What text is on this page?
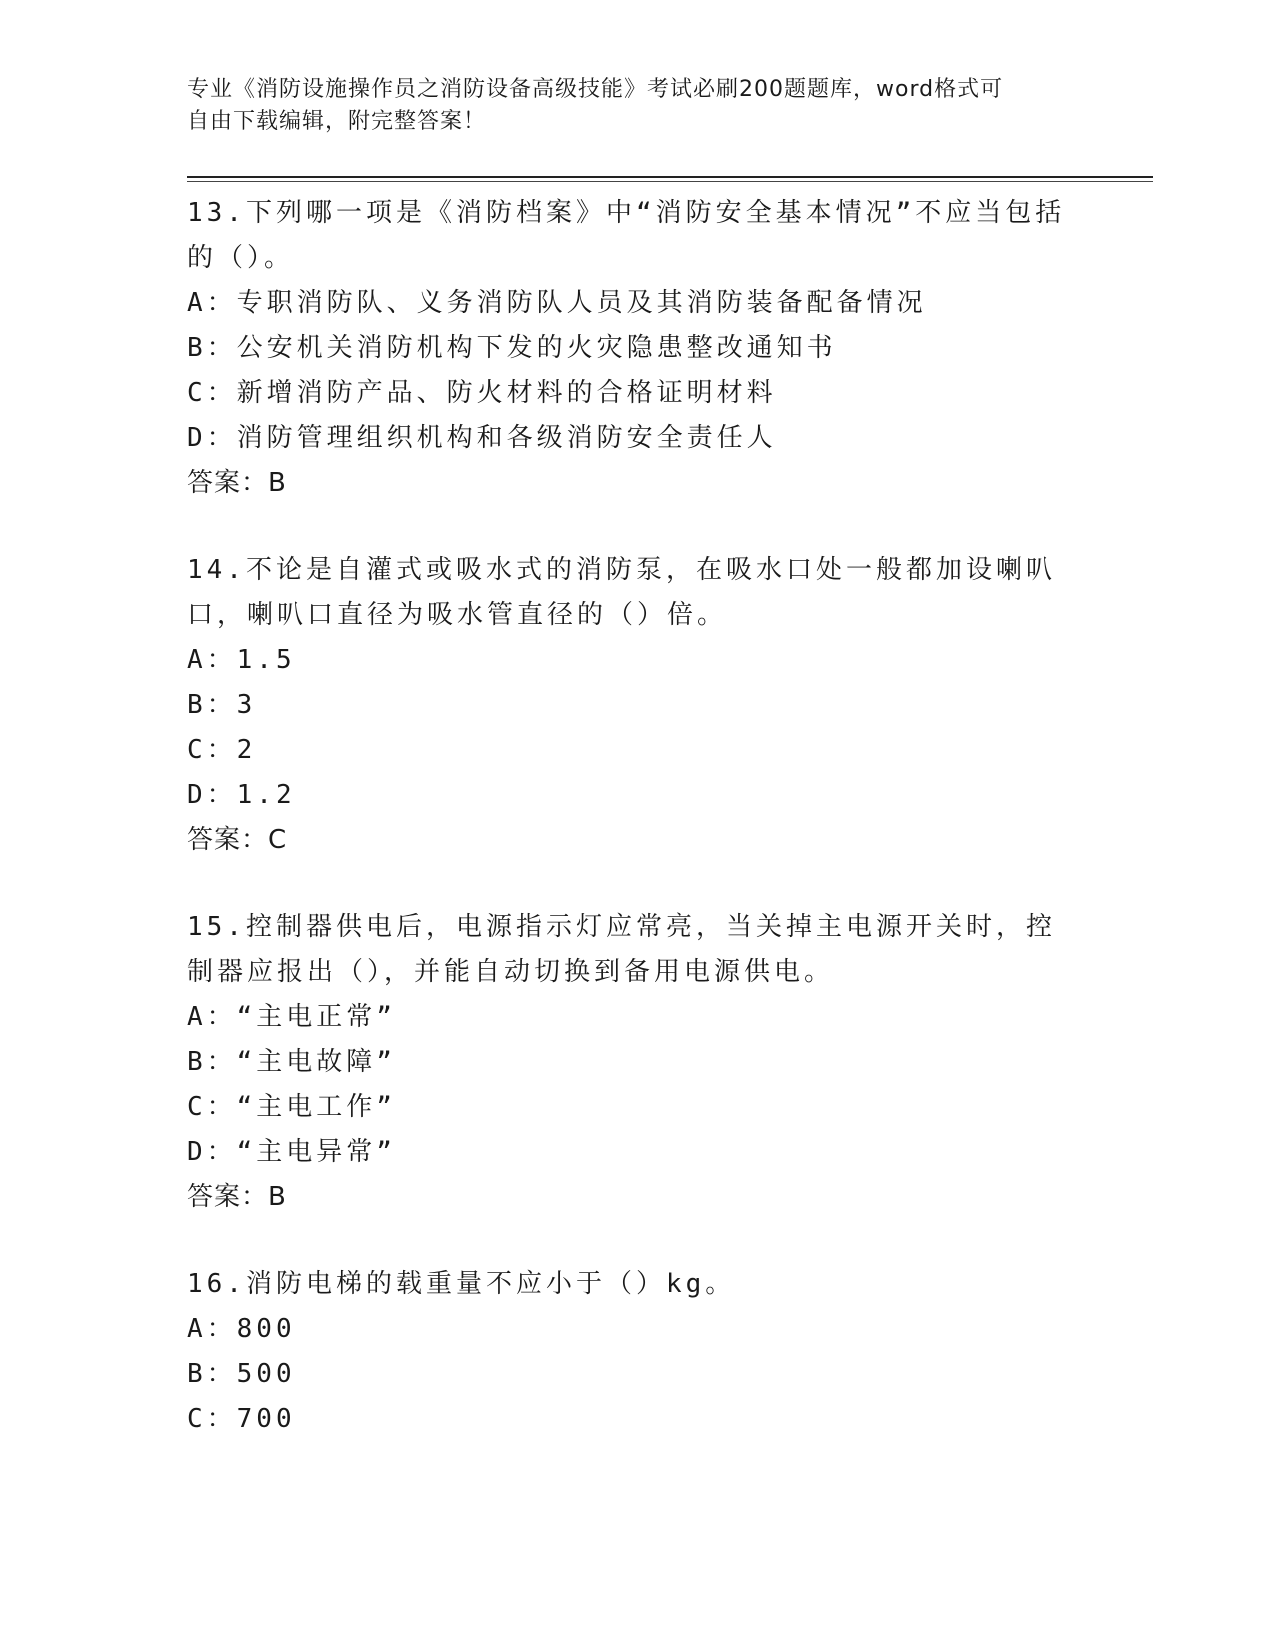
专业《消防设施操作员之消防设备高级技能》考试必刷200题题库，word格式可
自由下载编辑，附完整答案！

13.下列哪一项是《消防档案》中“消防安全基本情况”不应当包括的（）。

A：专职消防队、义务消防队人员及其消防装备配备情况
B：公安机关消防机构下发的火灾隐患整改通知书
C：新增消防产品、防火材料的合格证明材料
D：消防管理组织机构和各级消防安全责任人
答案：B

14.不论是自灌式或吸水式的消防泵，在吸水口处一般都加设喇叭口，喇叭口直径为吸水管直径的（）倍。

A：1.5
B：3
C：2
D：1.2
答案：C

15.控制器供电后，电源指示灯应常亮，当关掉主电源开关时，控制器应报出（），并能自动切换到备用电源供电。

A：“主电正常”
B：“主电故障”
C：“主电工作”
D：“主电异常”
答案：B

16.消防电梯的载重量不应小于（）kg。

A：800
B：500
C：700
